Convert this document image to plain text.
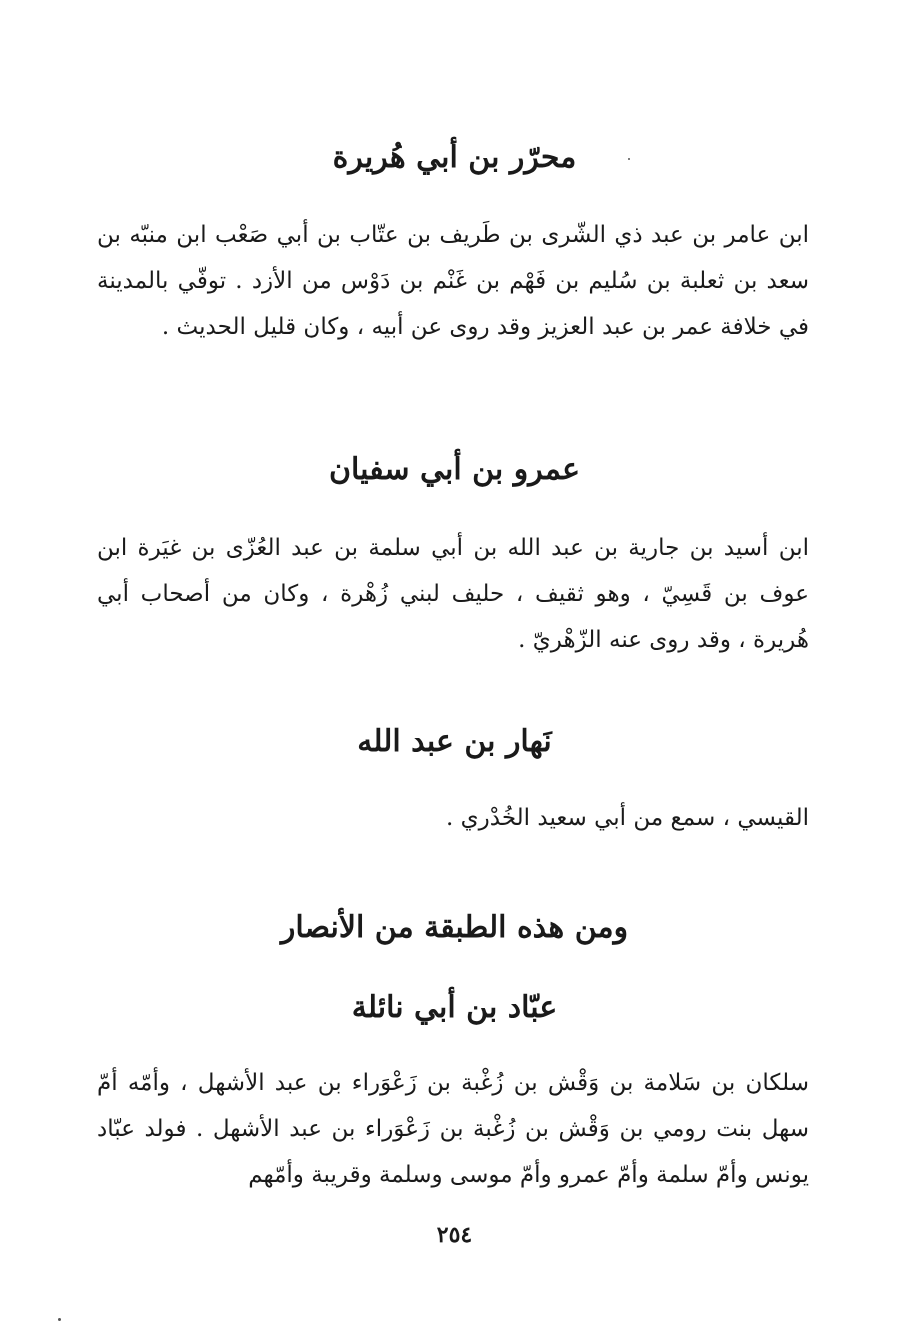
محرّر بن أبي هُريرة

ابن عامر بن عبد ذي الشّرى بن طَريف بن عتّاب بن أبي صَعْب ابن منبّه بن سعد بن ثعلبة بن سُليم بن فَهْم بن غَنْم بن دَوْس من الأزد . توفّي بالمدينة في خلافة عمر بن عبد العزيز وقد روى عن أبيه ، وكان قليل الحديث .

عمرو بن أبي سفيان

ابن أسيد بن جارية بن عبد الله بن أبي سلمة بن عبد العُزّى بن غيَرة ابن عوف بن قَسِيّ ، وهو ثقيف ، حليف لبني زُهْرة ، وكان من أصحاب أبي هُريرة ، وقد روى عنه الزّهْريّ .

نَهار بن عبد الله

القيسي ، سمع من أبي سعيد الخُدْري .

ومن هذه الطبقة من الأنصار
عبّاد بن أبي نائلة

سلكان بن سَلامة بن وَقْش بن زُغْبة بن زَعْوَراء بن عبد الأشهل ، وأمّه أمّ سهل بنت رومي بن وَقْش بن زُغْبة بن زَعْوَراء بن عبد الأشهل . فولد عبّاد يونس وأمّ سلمة وأمّ عمرو وأمّ موسى وسلمة وقريبة وأمّهم

٢٥٤
